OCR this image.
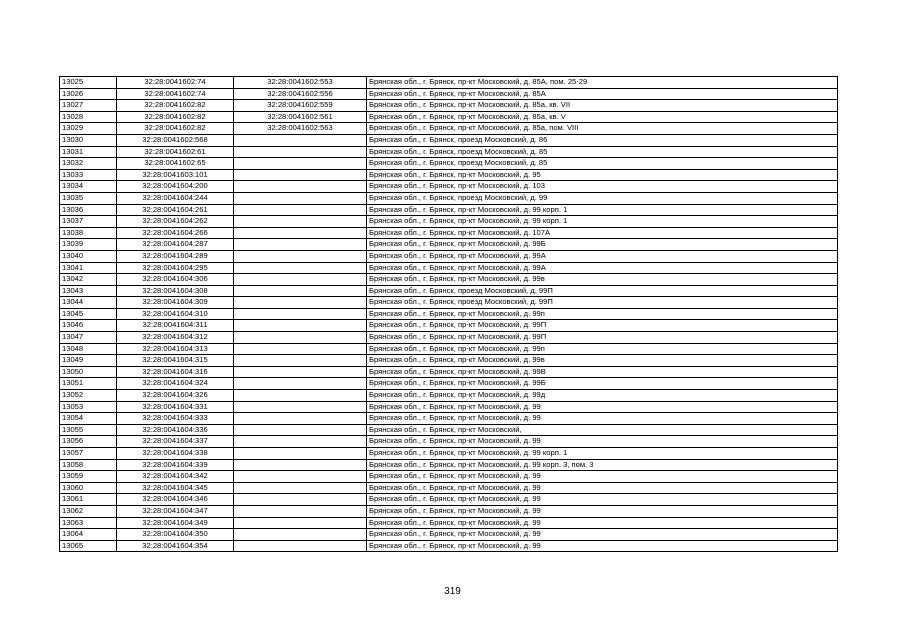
13025	32:28:0041602:74	32:28:0041602:553	Брянская обл., г. Брянск, пр-кт Московский, д. 85А, пом. 25-29
13026	32:28:0041602:74	32:28:0041602:556	Брянская обл., г. Брянск, пр-кт Московский, д. 85А
13027	32:28:0041602:82	32:28:0041602:559	Брянская обл., г. Брянск, пр-кт Московский, д. 85а, кв. VII
13028	32:28:0041602:82	32:28:0041602:561	Брянская обл., г. Брянск, пр-кт Московский, д. 85а, кв. V
13029	32:28:0041602:82	32:28:0041602:563	Брянская обл., г. Брянск, пр-кт Московский, д. 85а, пом. VIII
13030	32:28:0041602:568		Брянская обл., г. Брянск, проезд Московский, д. 86
13031	32:28:0041602:61		Брянская обл., г. Брянск, проезд Московский, д. 85
13032	32:28:0041602:65		Брянская обл., г. Брянск, проезд Московский, д. 85
13033	32:28:0041603:101		Брянская обл., г. Брянск, пр-кт Московский, д. 95
13034	32:28:0041604:200		Брянская обл., г. Брянск, пр-кт Московский, д. 103
13035	32:28:0041604:244		Брянская обл., г. Брянск, проезд Московский, д. 99
13036	32:28:0041604:261		Брянская обл., г. Брянск, пр-кт Московский, д. 99 корп. 1
13037	32:28:0041604:262		Брянская обл., г. Брянск, пр-кт Московский, д. 99 корп. 1
13038	32:28:0041604:266		Брянская обл., г. Брянск, пр-кт Московский, д. 107А
13039	32:28:0041604:287		Брянская обл., г. Брянск, пр-кт Московский, д. 99Б
13040	32:28:0041604:289		Брянская обл., г. Брянск, пр-кт Московский, д. 99А
13041	32:28:0041604:295		Брянская обл., г. Брянск, пр-кт Московский, д. 99А
13042	32:28:0041604:306		Брянская обл., г. Брянск, пр-кт Московский, д. 99в
13043	32:28:0041604:308		Брянская обл., г. Брянск, проезд Московский, д. 99П
13044	32:28:0041604:309		Брянская обл., г. Брянск, проезд Московский, д. 99П
13045	32:28:0041604:310		Брянская обл., г. Брянск, пр-кт Московский, д. 99п
13046	32:28:0041604:311		Брянская обл., г. Брянск, пр-кт Московский, д. 99П
13047	32:28:0041604:312		Брянская обл., г. Брянск, пр-кт Московский, д. 99П
13048	32:28:0041604:313		Брянская обл., г. Брянск, пр-кт Московский, д. 99п
13049	32:28:0041604:315		Брянская обл., г. Брянск, пр-кт Московский, д. 99в
13050	32:28:0041604:316		Брянская обл., г. Брянск, пр-кт Московский, д. 99В
13051	32:28:0041604:324		Брянская обл., г. Брянск, пр-кт Московский, д. 99Б
13052	32:28:0041604:326		Брянская обл., г. Брянск, пр-кт Московский, д. 99д
13053	32:28:0041604:331		Брянская обл., г. Брянск, пр-кт Московский, д. 99
13054	32:28:0041604:333		Брянская обл., г. Брянск, пр-кт Московский, д. 99
13055	32:28:0041604:336		Брянская обл., г. Брянск, пр-кт Московский,
13056	32:28:0041604:337		Брянская обл., г. Брянск, пр-кт Московский, д. 99
13057	32:28:0041604:338		Брянская обл., г. Брянск, пр-кт Московский, д. 99 корп. 1
13058	32:28:0041604:339		Брянская обл., г. Брянск, пр-кт Московский, д. 99 корп. 3, пом. 3
13059	32:28:0041604:342		Брянская обл., г. Брянск, пр-кт Московский, д. 99
13060	32:28:0041604:345		Брянская обл., г. Брянск, пр-кт Московский, д. 99
13061	32:28:0041604:346		Брянская обл., г. Брянск, пр-кт Московский, д. 99
13062	32:28:0041604:347		Брянская обл., г. Брянск, пр-кт Московский, д. 99
13063	32:28:0041604:349		Брянская обл., г. Брянск, пр-кт Московский, д. 99
13064	32:28:0041604:350		Брянская обл., г. Брянск, пр-кт Московский, д. 99
13065	32:28:0041604:354		Брянская обл., г. Брянск, пр-кт Московский, д. 99
319
